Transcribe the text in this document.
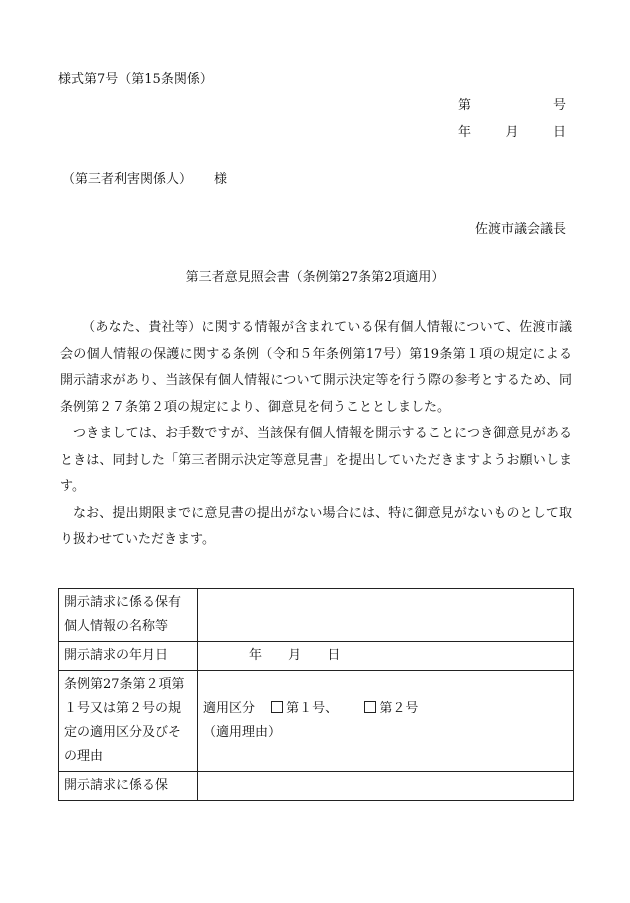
様式第7号（第15条関係）
第	号
年	月	日
（第三者利害関係人） 様
佐渡市議会議長
第三者意見照会書（条例第27条第2項適用）

（あなた、貴社等）に関する情報が含まれている保有個人情報について、佐渡市議会の個人情報の保護に関する条例（令和５年条例第17号）第19条第１項の規定による開示請求があり、当該保有個人情報について開示決定等を行う際の参考とするため、同条例第２７条第２項の規定により、御意見を伺うこととしました。

つきましては、お手数ですが、当該保有個人情報を開示することにつき御意見があるときは、同封した「第三者開示決定等意見書」を提出していただきますようお願いします。

なお、提出期限までに意見書の提出がない場合には、特に御意見がないものとして取り扱わせていただきます。

開示請求に係る保有個人情報の名称等	
開示請求の年月日	年 月 日
条例第27条第２項第１号又は第２号の規定の適用区分及びその理由	適用区分 第１号、 第２号
（適用理由）

開示請求に係る保	
